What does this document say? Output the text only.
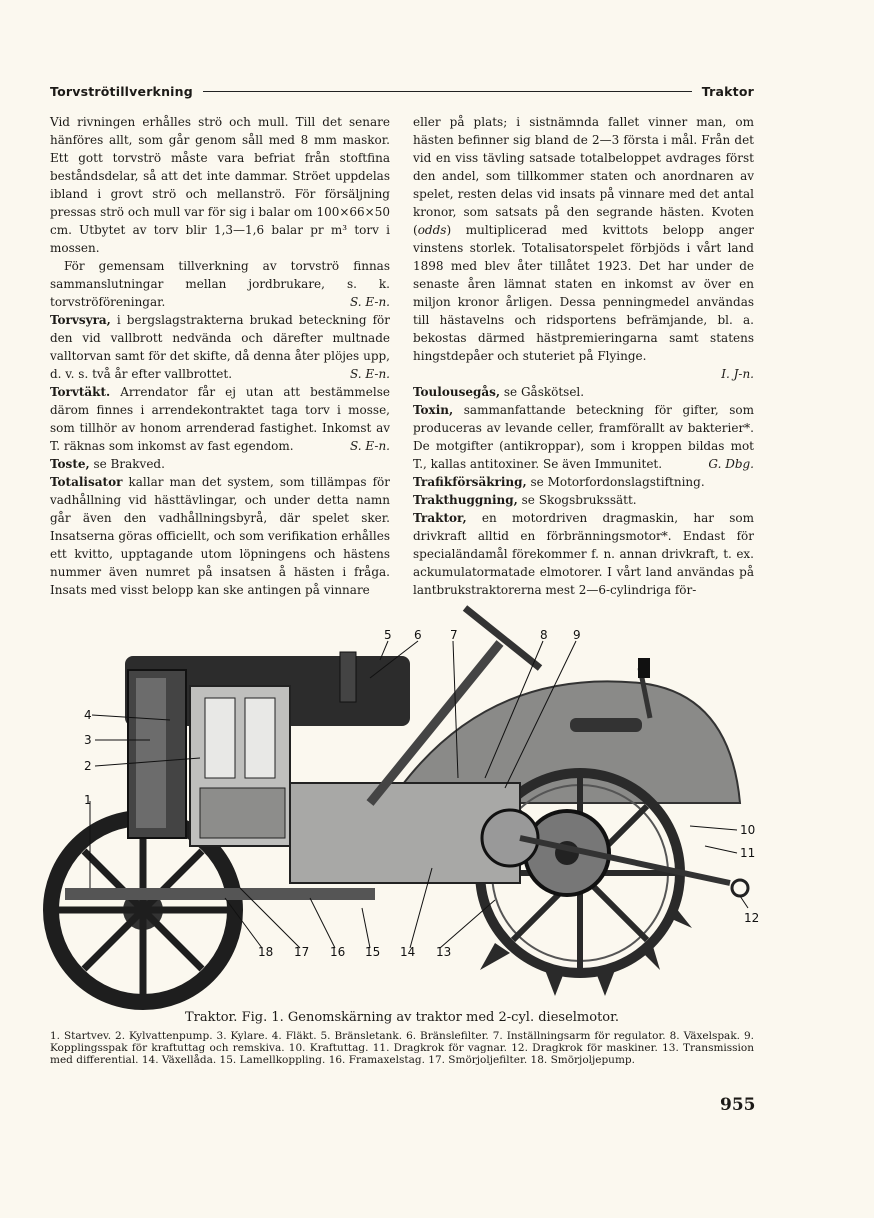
Torvströtillverkning	Traktor

Vid rivningen erhålles strö och mull. Till det senare hänföres allt, som går genom såll med 8 mm maskor. Ett gott torvströ måste vara befriat från stoftfina beståndsdelar, så att det inte dammar. Ströet uppdelas ibland i grovt strö och mellanströ. För försäljning pressas strö och mull var för sig i balar om 100×66×50 cm. Utbytet av torv blir 1,3—1,6 balar pr m³ torv i mossen.

För gemensam tillverkning av torvströ finnas sammanslutningar mellan jordbrukare, s. k. torvströföreningar.	S. E-n.

Torvsyra, i bergslagstrakterna brukad beteckning för den vid vallbrott nedvända och därefter multnade valltorvan samt för det skifte, då denna åter plöjes upp, d. v. s. två år efter vallbrottet.	S. E-n.

Torvtäkt. Arrendator får ej utan att bestämmelse därom finnes i arrendekontraktet taga torv i mosse, som tillhör av honom arrenderad fastighet. Inkomst av T. räknas som inkomst av fast egendom.	S. E-n.

Toste, se Brakved.

Totalisator kallar man det system, som tillämpas för vadhållning vid hästtävlingar, och under detta namn går även den vadhållningsbyrå, där spelet sker. Insatserna göras officiellt, och som verifikation erhålles ett kvitto, upptagande utom löpningens och hästens nummer även numret på insatsen å hästen i fråga. Insats med visst belopp kan ske antingen på vinnare

eller på plats; i sistnämnda fallet vinner man, om hästen befinner sig bland de 2—3 första i mål. Från det vid en viss tävling satsade totalbeloppet avdrages först den andel, som tillkommer staten och anordnaren av spelet, resten delas vid insats på vinnare med det antal kronor, som satsats på den segrande hästen. Kvoten (odds) multiplicerad med kvittots belopp anger vinstens storlek. Totalisatorspelet förbjöds i vårt land 1898 med blev åter tillåtet 1923. Det har under de senaste åren lämnat staten en inkomst av över en miljon kronor årligen. Dessa penningmedel användas till hästavelns och ridsportens befrämjande, bl. a. bekostas därmed hästpremieringarna samt statens hingstdepåer och stuteriet på Flyinge.

I. J-n.

Toulousegås, se Gåskötsel.

Toxin, sammanfattande beteckning för gifter, som produceras av levande celler, framförallt av bakterier*. De motgifter (antikroppar), som i kroppen bildas mot T., kallas antitoxiner. Se även Immunitet.	G. Dbg.

Trafikförsäkring, se Motorfordonslagstiftning.

Trakthuggning, se Skogsbrukssätt.

Traktor, en motordriven dragmaskin, har som drivkraft alltid en förbränningsmotor*. Endast för specialändamål förekommer f. n. annan drivkraft, t. ex. ackumulatormatade elmotorer. I vårt land användas på lantbrukstraktorerna mest 2—6-cylindriga för-

1
2
3
4
5 6 7	8 9
10
11
12
13
14
15
16
17
18
Traktor. Fig. 1. Genomskärning av traktor med 2-cyl. dieselmotor.
1. Startvev. 2. Kylvattenpump. 3. Kylare. 4. Fläkt. 5. Bränsletank. 6. Bränslefilter. 7. Inställningsarm för regulator. 8. Växelspak. 9. Kopplingsspak för kraftuttag och remskiva. 10. Kraftuttag. 11. Dragkrok för vagnar. 12. Dragkrok för maskiner. 13. Transmission med differential. 14. Växellåda. 15. Lamellkoppling. 16. Framaxelstag. 17. Smörjoljefilter. 18. Smörjoljepump.
955
